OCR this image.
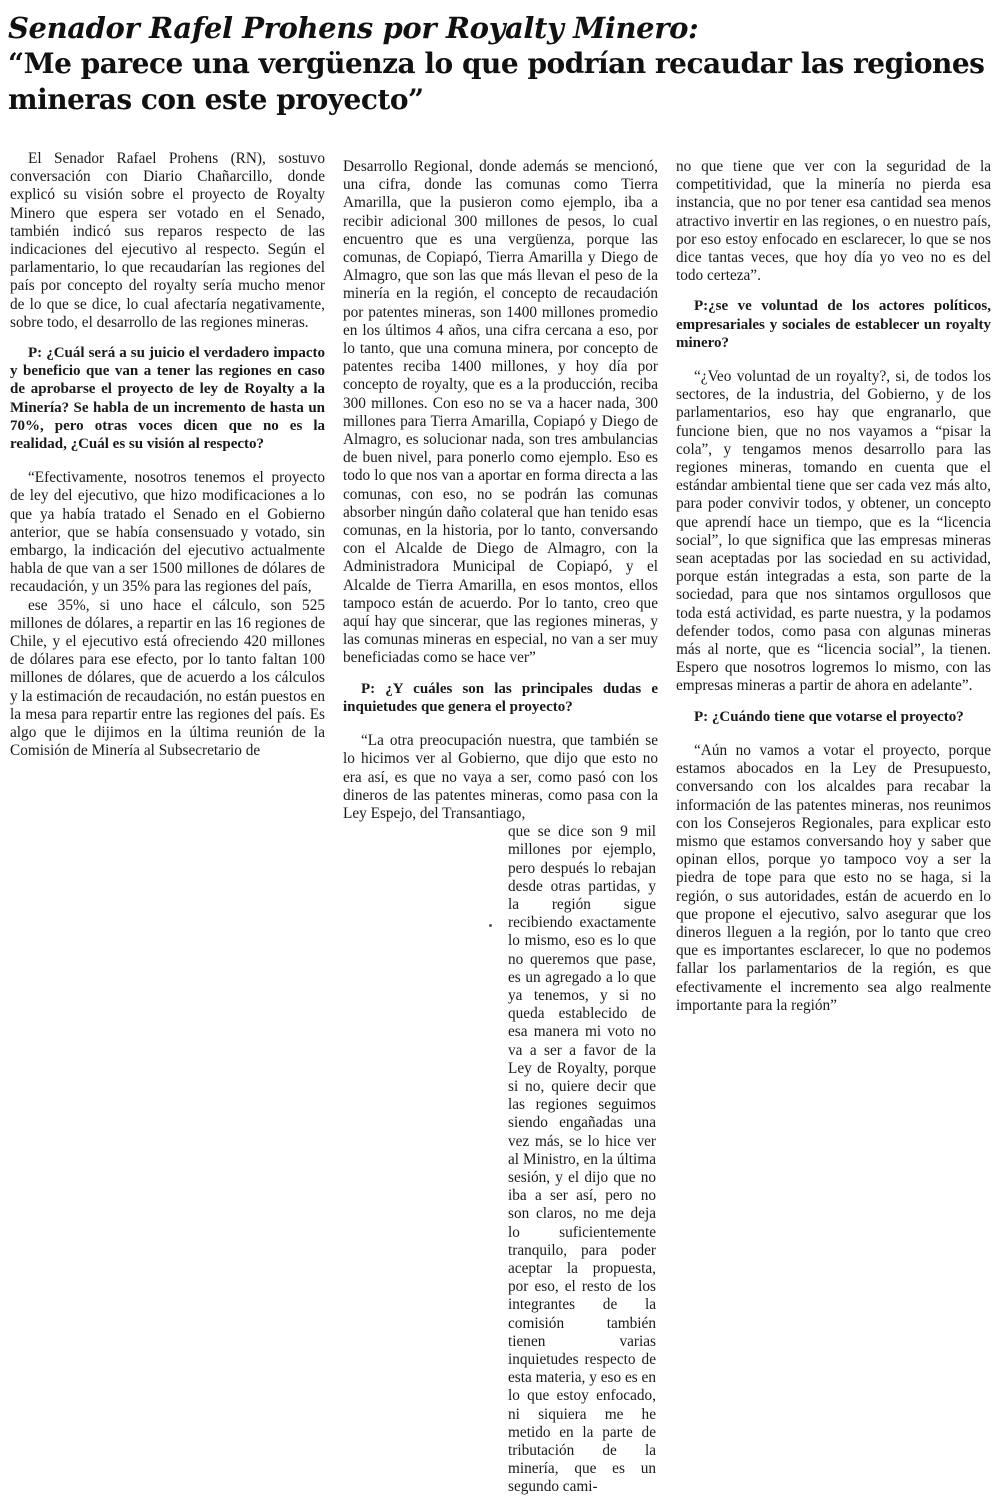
Senador Rafel Prohens por Royalty Minero:
“Me parece una vergüenza lo que podrían recaudar las regiones mineras con este proyecto”

El Senador Rafael Prohens (RN), sostuvo conversación con Diario Chañarcillo, donde explicó su visión sobre el proyecto de Royalty Minero que espera ser votado en el Senado, también indicó sus reparos respecto de las indicaciones del ejecutivo al respecto. Según el parlamentario, lo que recaudarían las regiones del país por concepto del royalty sería mucho menor de lo que se dice, lo cual afectaría negativamente, sobre todo, el desarrollo de las regiones mineras.

P: ¿Cuál será a su juicio el verdadero impacto y beneficio que van a tener las regiones en caso de aprobarse el proyecto de ley de Royalty a la Minería? Se habla de un incremento de hasta un 70%, pero otras voces dicen que no es la realidad, ¿Cuál es su visión al respecto?

“Efectivamente, nosotros tenemos el proyecto de ley del ejecutivo, que hizo modificaciones a lo que ya había tratado el Senado en el Gobierno anterior, que se había consensuado y votado, sin embargo, la indicación del ejecutivo actualmente habla de que van a ser 1500 millones de dólares de recaudación, y un 35% para las regiones del país,

ese 35%, si uno hace el cálculo, son 525 millones de dólares, a repartir en las 16 regiones de Chile, y el ejecutivo está ofreciendo 420 millones de dólares para ese efecto, por lo tanto faltan 100 millones de dólares, que de acuerdo a los cálculos y la estimación de recaudación, no están puestos en la mesa para repartir entre las regiones del país. Es algo que le dijimos en la última reunión de la Comisión de Minería al Subsecretario de

Desarrollo Regional, donde además se mencionó, una cifra, donde las comunas como Tierra Amarilla, que la pusieron como ejemplo, iba a recibir adicional 300 millones de pesos, lo cual encuentro que es una vergüenza, porque las comunas, de Copiapó, Tierra Amarilla y Diego de Almagro, que son las que más llevan el peso de la minería en la región, el concepto de recaudación por patentes mineras, son 1400 millones promedio en los últimos 4 años, una cifra cercana a eso, por lo tanto, que una comuna minera, por concepto de patentes reciba 1400 millones, y hoy día por concepto de royalty, que es a la producción, reciba 300 millones. Con eso no se va a hacer nada, 300 millones para Tierra Amarilla, Copiapó y Diego de Almagro, es solucionar nada, son tres ambulancias de buen nivel, para ponerlo como ejemplo. Eso es todo lo que nos van a aportar en forma directa a las comunas, con eso, no se podrán las comunas absorber ningún daño colateral que han tenido esas comunas, en la historia, por lo tanto, conversando con el Alcalde de Diego de Almagro, con la Administradora Municipal de Copiapó, y el Alcalde de Tierra Amarilla, en esos montos, ellos tampoco están de acuerdo. Por lo tanto, creo que aquí hay que sincerar, que las regiones mineras, y las comunas mineras en especial, no van a ser muy beneficiadas como se hace ver”

P: ¿Y cuáles son las principales dudas e inquietudes que genera el proyecto?

“La otra preocupación nuestra, que también se lo hicimos ver al Gobierno, que dijo que esto no era así, es que no vaya a ser, como pasó con los dineros de las patentes mineras, como pasa con la Ley Espejo, del Transantiago,

que se dice son 9 mil millones por ejemplo, pero después lo rebajan desde otras partidas, y la región sigue recibiendo exactamente lo mismo, eso es lo que no queremos que pase, es un agregado a lo que ya tenemos, y si no queda establecido de esa manera mi voto no va a ser a favor de la Ley de Royalty, porque si no, quiere decir que las regiones seguimos siendo engañadas una vez más, se lo hice ver al Ministro, en la última sesión, y el dijo que no iba a ser así, pero no son claros, no me deja lo suficientemente tranquilo, para poder aceptar la propuesta, por eso, el resto de los integrantes de la comisión también tienen varias inquietudes respecto de esta materia, y eso es en lo que estoy enfocado, ni siquiera me he metido en la parte de tributación de la minería, que es un segundo cami-

no que tiene que ver con la seguridad de la competitividad, que la minería no pierda esa instancia, que no por tener esa cantidad sea menos atractivo invertir en las regiones, o en nuestro país, por eso estoy enfocado en esclarecer, lo que se nos dice tantas veces, que hoy día yo veo no es del todo certeza”.

P:¿se ve voluntad de los actores políticos, empresariales y sociales de establecer un royalty minero?

“¿Veo voluntad de un royalty?, si, de todos los sectores, de la industria, del Gobierno, y de los parlamentarios, eso hay que engranarlo, que funcione bien, que no nos vayamos a “pisar la cola”, y tengamos menos desarrollo para las regiones mineras, tomando en cuenta que el estándar ambiental tiene que ser cada vez más alto, para poder convivir todos, y obtener, un concepto que aprendí hace un tiempo, que es la “licencia social”, lo que significa que las empresas mineras sean aceptadas por las sociedad en su actividad, porque están integradas a esta, son parte de la sociedad, para que nos sintamos orgullosos que toda está actividad, es parte nuestra, y la podamos defender todos, como pasa con algunas mineras más al norte, que es “licencia social”, la tienen. Espero que nosotros logremos lo mismo, con las empresas mineras a partir de ahora en adelante”.

P: ¿Cuándo tiene que votarse el proyecto?

“Aún no vamos a votar el proyecto, porque estamos abocados en la Ley de Presupuesto, conversando con los alcaldes para recabar la información de las patentes mineras, nos reunimos con los Consejeros Regionales, para explicar esto mismo que estamos conversando hoy y saber que opinan ellos, porque yo tampoco voy a ser la piedra de tope para que esto no se haga, si la región, o sus autoridades, están de acuerdo en lo que propone el ejecutivo, salvo asegurar que los dineros lleguen a la región, por lo tanto que creo que es importantes esclarecer, lo que no podemos fallar los parlamentarios de la región, es que efectivamente el incremento sea algo realmente importante para la región”
